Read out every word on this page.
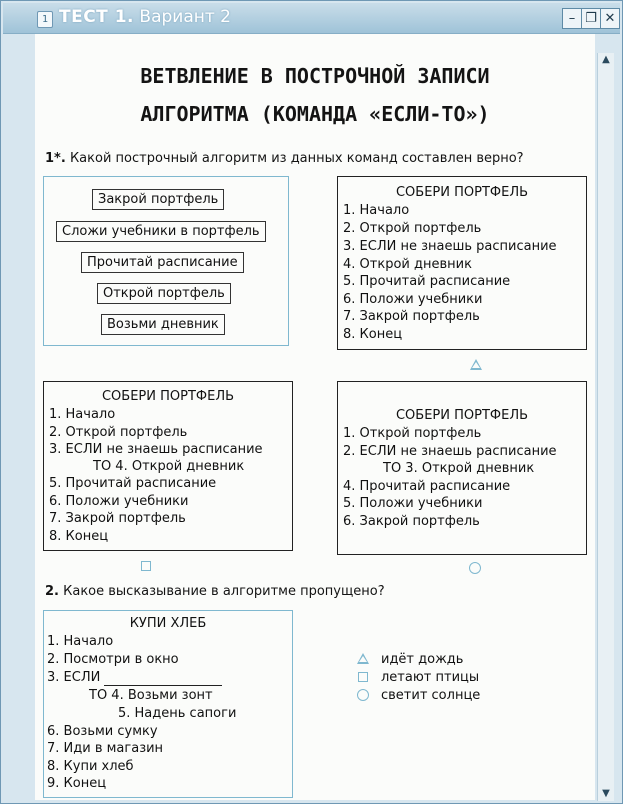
1 ТЕСТ 1. Вариант 2	– ❐ ✕
ВЕТВЛЕНИЕ В ПОСТРОЧНОЙ ЗАПИСИ
АЛГОРИТМА (КОМАНДА «ЕСЛИ-ТО»)
1*. Какой построчный алгоритм из данных команд составлен верно?
Закрой портфель
Сложи учебники в портфель
Прочитай расписание
Открой портфель
Возьми дневник
СОБЕРИ ПОРТФЕЛЬ
1. Начало
2. Открой портфель
3. ЕСЛИ не знаешь расписание
4. Открой дневник
5. Прочитай расписание
6. Положи учебники
7. Закрой портфель
8. Конец
СОБЕРИ ПОРТФЕЛЬ
1. Начало
2. Открой портфель
3. ЕСЛИ не знаешь расписание
ТО 4. Открой дневник
5. Прочитай расписание
6. Положи учебники
7. Закрой портфель
8. Конец
СОБЕРИ ПОРТФЕЛЬ
1. Открой портфель
2. ЕСЛИ не знаешь расписание
ТО 3. Открой дневник
4. Прочитай расписание
5. Положи учебники
6. Закрой портфель
2. Какое высказывание в алгоритме пропущено?
КУПИ ХЛЕБ
1. Начало
2. Посмотри в окно
3. ЕСЛИ
ТО 4. Возьми зонт
5. Надень сапоги
6. Возьми сумку
7. Иди в магазин
8. Купи хлеб
9. Конец
идёт дождь
летают птицы
светит солнце
▲
▼
